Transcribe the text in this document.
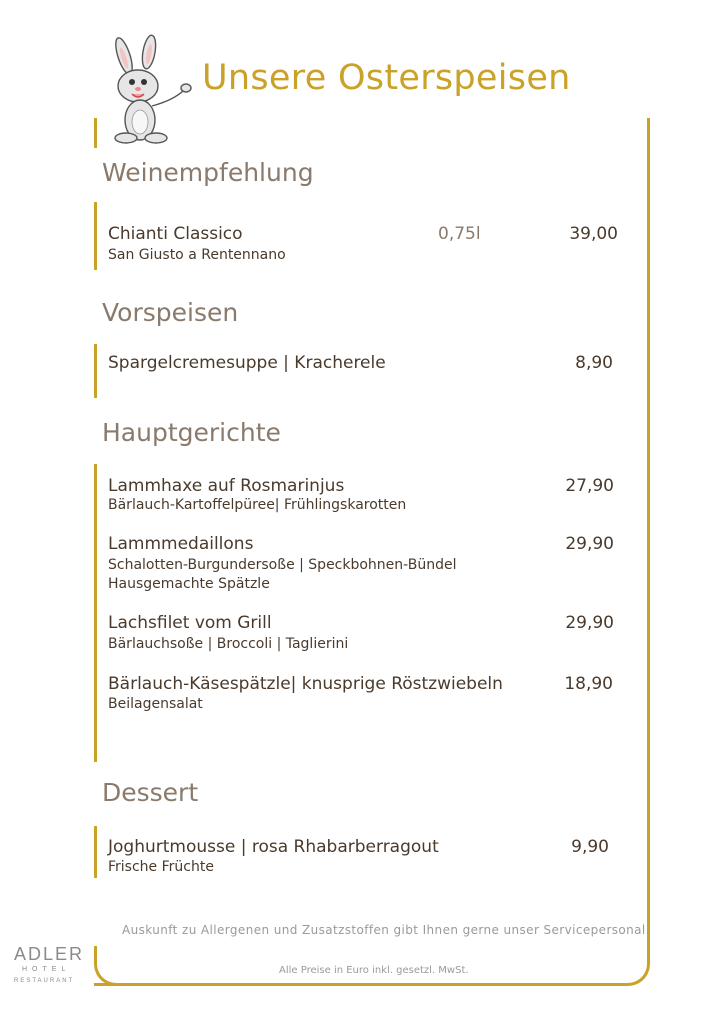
Unsere Osterspeisen
Weinempfehlung
Chianti Classico
San Giusto a Rentennano
0,75l	39,00
Vorspeisen
Spargelcremesuppe | Kracherele	8,90
Hauptgerichte
Lammhaxe auf Rosmarinjus
Bärlauch-Kartoffelpüree| Frühlingskarotten
27,90
Lammmedaillons
Schalotten-Burgundersoße | Speckbohnen-Bündel
Hausgemachte Spätzle
29,90
Lachsfilet vom Grill
Bärlauchsoße | Broccoli | Taglierini
29,90
Bärlauch-Käsespätzle| knusprige Röstzwiebeln
Beilagensalat
18,90
Dessert
Joghurtmousse | rosa Rhabarberragout
Frische Früchte
9,90
Auskunft zu Allergenen und Zusatzstoffen gibt Ihnen gerne unser Servicepersonal.
Alle Preise in Euro inkl. gesetzl. MwSt.
ADLER
HOTEL
RESTAURANT
